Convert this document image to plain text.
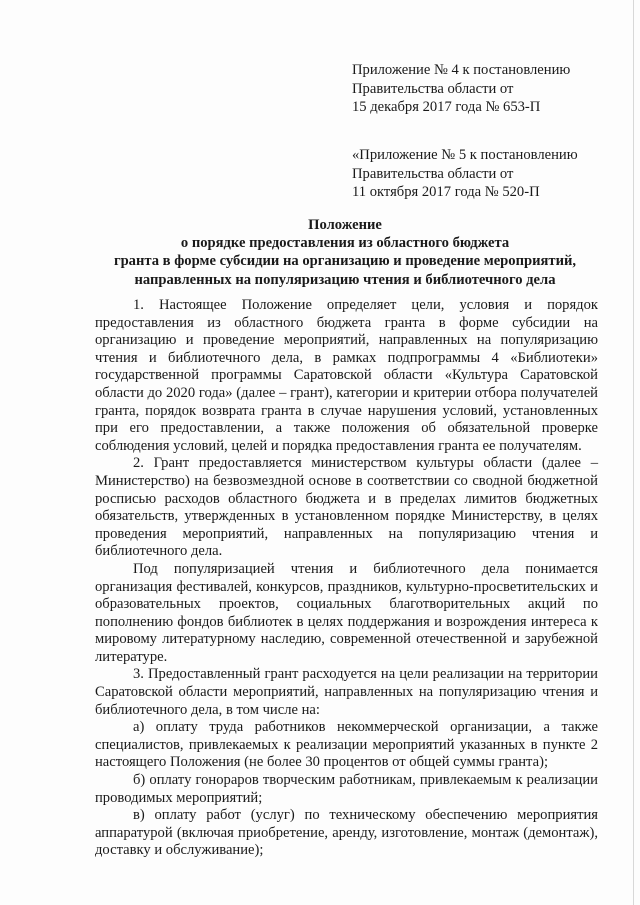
Приложение № 4 к постановлению
Правительства области от
15 декабря 2017 года № 653-П
«Приложение № 5 к постановлению
Правительства области от
11 октября 2017 года № 520-П
Положение
о порядке предоставления из областного бюджета
гранта в форме субсидии на организацию и проведение мероприятий,
направленных на популяризацию чтения и библиотечного дела

1. Настоящее Положение определяет цели, условия и порядок предоставления из областного бюджета гранта в форме субсидии на организацию и проведение мероприятий, направленных на популяризацию чтения и библиотечного дела, в рамках подпрограммы 4 «Библиотеки» государственной программы Саратовской области «Культура Саратовской области до 2020 года» (далее – грант), категории и критерии отбора получателей гранта, порядок возврата гранта в случае нарушения условий, установленных при его предоставлении, а также положения об обязательной проверке соблюдения условий, целей и порядка предоставления гранта ее получателям.

2. Грант предоставляется министерством культуры области (далее – Министерство) на безвозмездной основе в соответствии со сводной бюджетной росписью расходов областного бюджета и в пределах лимитов бюджетных обязательств, утвержденных в установленном порядке Министерству, в целях проведения мероприятий, направленных на популяризацию чтения и библиотечного дела.

Под популяризацией чтения и библиотечного дела понимается организация фестивалей, конкурсов, праздников, культурно-просветительских и образовательных проектов, социальных благотворительных акций по пополнению фондов библиотек в целях поддержания и возрождения интереса к мировому литературному наследию, современной отечественной и зарубежной литературе.

3. Предоставленный грант расходуется на цели реализации на территории Саратовской области мероприятий, направленных на популяризацию чтения и библиотечного дела, в том числе на:

а) оплату труда работников некоммерческой организации, а также специалистов, привлекаемых к реализации мероприятий указанных в пункте 2 настоящего Положения (не более 30 процентов от общей суммы гранта);

б) оплату гонораров творческим работникам, привлекаемым к реализации проводимых мероприятий;

в) оплату работ (услуг) по техническому обеспечению мероприятия аппаратурой (включая приобретение, аренду, изготовление, монтаж (демонтаж), доставку и обслуживание);
